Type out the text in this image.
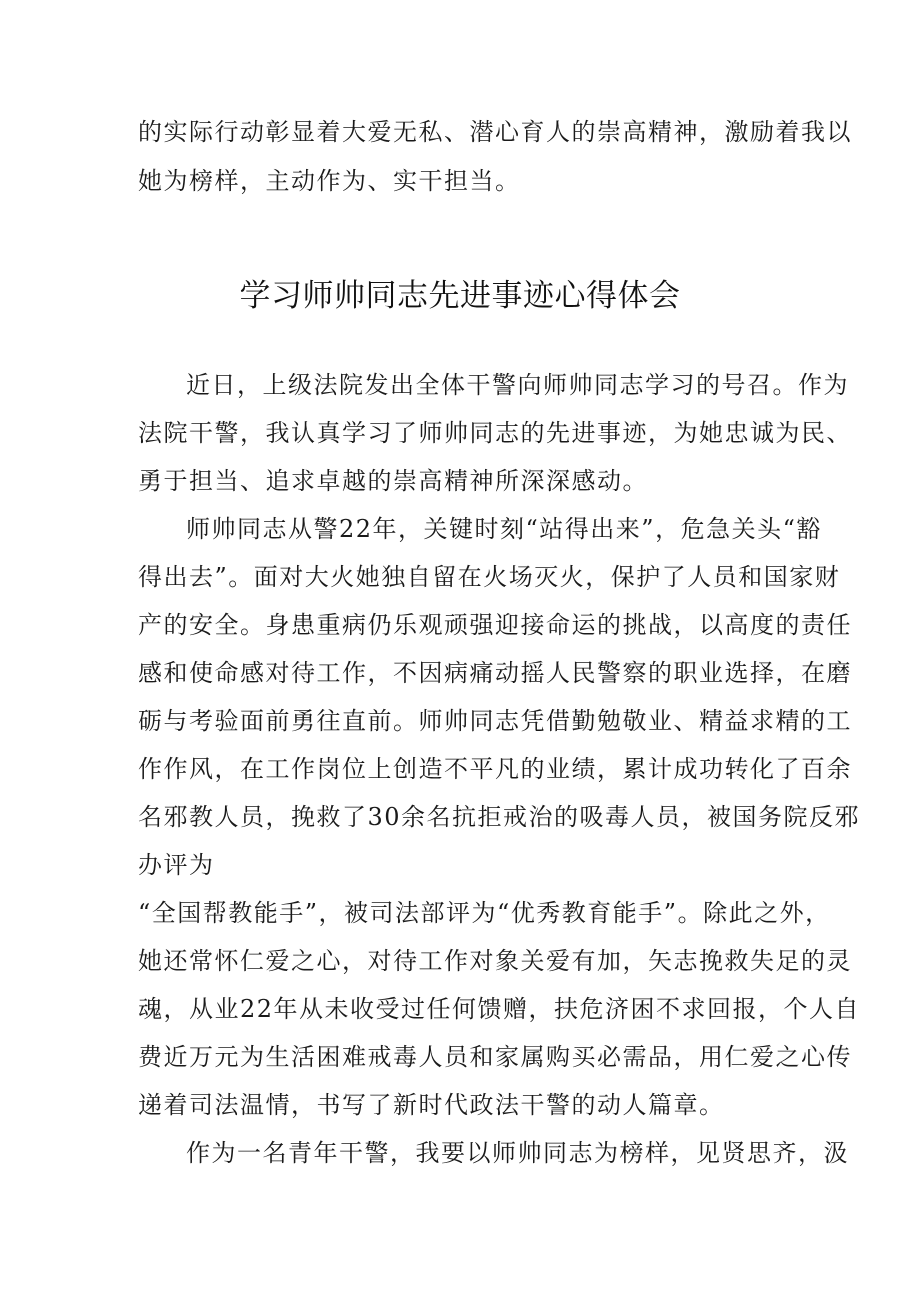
的实际行动彰显着大爱无私、潜心育人的崇高精神，激励着我以
她为榜样，主动作为、实干担当。
学习师帅同志先进事迹心得体会
近日，上级法院发出全体干警向师帅同志学习的号召。作为
法院干警，我认真学习了师帅同志的先进事迹，为她忠诚为民、
勇于担当、追求卓越的崇高精神所深深感动。
师帅同志从警22年，关键时刻“站得出来”，危急关头“豁
得出去”。面对大火她独自留在火场灭火，保护了人员和国家财
产的安全。身患重病仍乐观顽强迎接命运的挑战，以高度的责任
感和使命感对待工作，不因病痛动摇人民警察的职业选择，在磨
砺与考验面前勇往直前。师帅同志凭借勤勉敬业、精益求精的工
作作风，在工作岗位上创造不平凡的业绩，累计成功转化了百余
名邪教人员，挽救了30余名抗拒戒治的吸毒人员，被国务院反邪
办评为
“全国帮教能手”，被司法部评为“优秀教育能手”。除此之外，
她还常怀仁爱之心，对待工作对象关爱有加，矢志挽救失足的灵
魂，从业22年从未收受过任何馈赠，扶危济困不求回报，个人自
费近万元为生活困难戒毒人员和家属购买必需品，用仁爱之心传
递着司法温情，书写了新时代政法干警的动人篇章。
作为一名青年干警，我要以师帅同志为榜样，见贤思齐，汲
